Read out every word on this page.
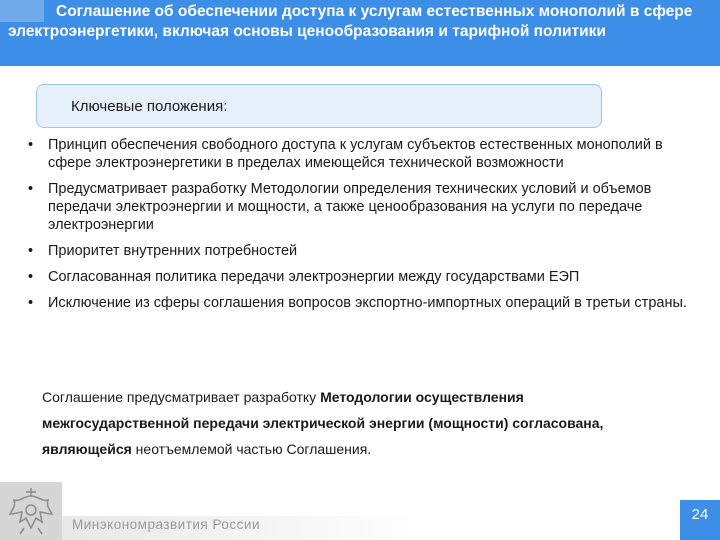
Соглашение об обеспечении доступа к услугам естественных монополий в сфере электроэнергетики, включая основы ценообразования и тарифной политики
Ключевые положения:
• Принцип обеспечения свободного доступа к услугам субъектов естественных монополий в сфере электроэнергетики в пределах имеющейся технической возможности
• Предусматривает разработку Методологии определения технических условий и объемов передачи электроэнергии и мощности, а также ценообразования на услуги по передаче электроэнергии
• Приоритет внутренних потребностей
• Согласованная политика передачи электроэнергии между государствами ЕЭП
• Исключение из сферы соглашения вопросов экспортно-импортных операций в третьи страны.
Соглашение предусматривает разработку Методологии осуществления межгосударственной передачи электрической энергии (мощности) согласована, являющейся неотъемлемой частью Соглашения.
Минэкономразвития России
24
